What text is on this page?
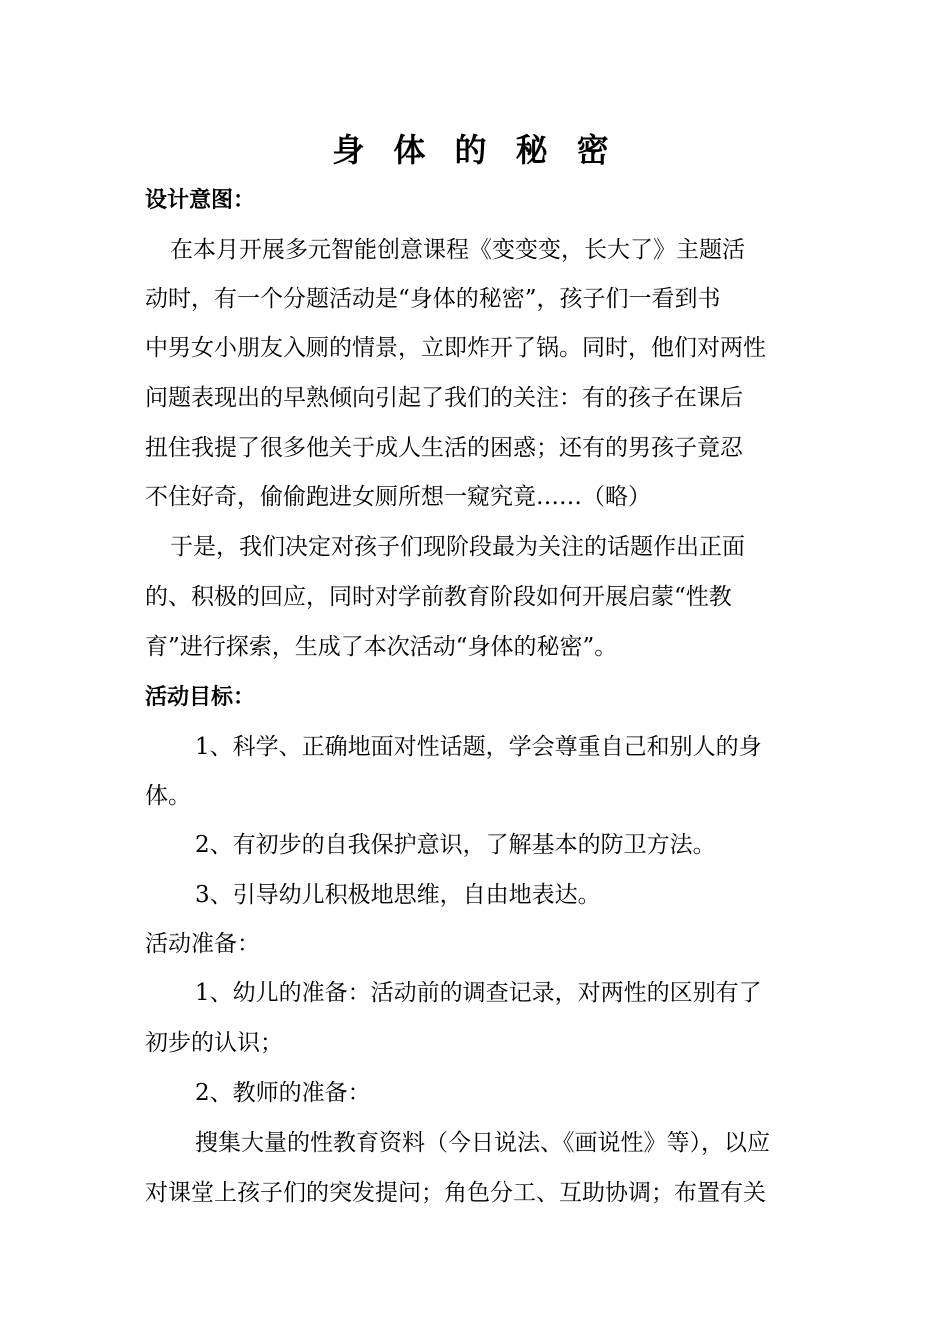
身 体 的 秘 密
设计意图：
在本月开展多元智能创意课程《变变变，长大了》主题活
动时，有一个分题活动是“身体的秘密”，孩子们一看到书
中男女小朋友入厕的情景，立即炸开了锅。同时，他们对两性
问题表现出的早熟倾向引起了我们的关注：有的孩子在课后
扭住我提了很多他关于成人生活的困惑；还有的男孩子竟忍
不住好奇，偷偷跑进女厕所想一窥究竟……（略）
于是，我们决定对孩子们现阶段最为关注的话题作出正面
的、积极的回应，同时对学前教育阶段如何开展启蒙“性教
育”进行探索，生成了本次活动“身体的秘密”。
活动目标：
1、科学、正确地面对性话题，学会尊重自己和别人的身
体。
2、有初步的自我保护意识，了解基本的防卫方法。
3、引导幼儿积极地思维，自由地表达。
活动准备：
1、幼儿的准备：活动前的调查记录，对两性的区别有了
初步的认识；
2、教师的准备：
搜集大量的性教育资料（今日说法、《画说性》等），以应
对课堂上孩子们的突发提问；角色分工、互助协调；布置有关
